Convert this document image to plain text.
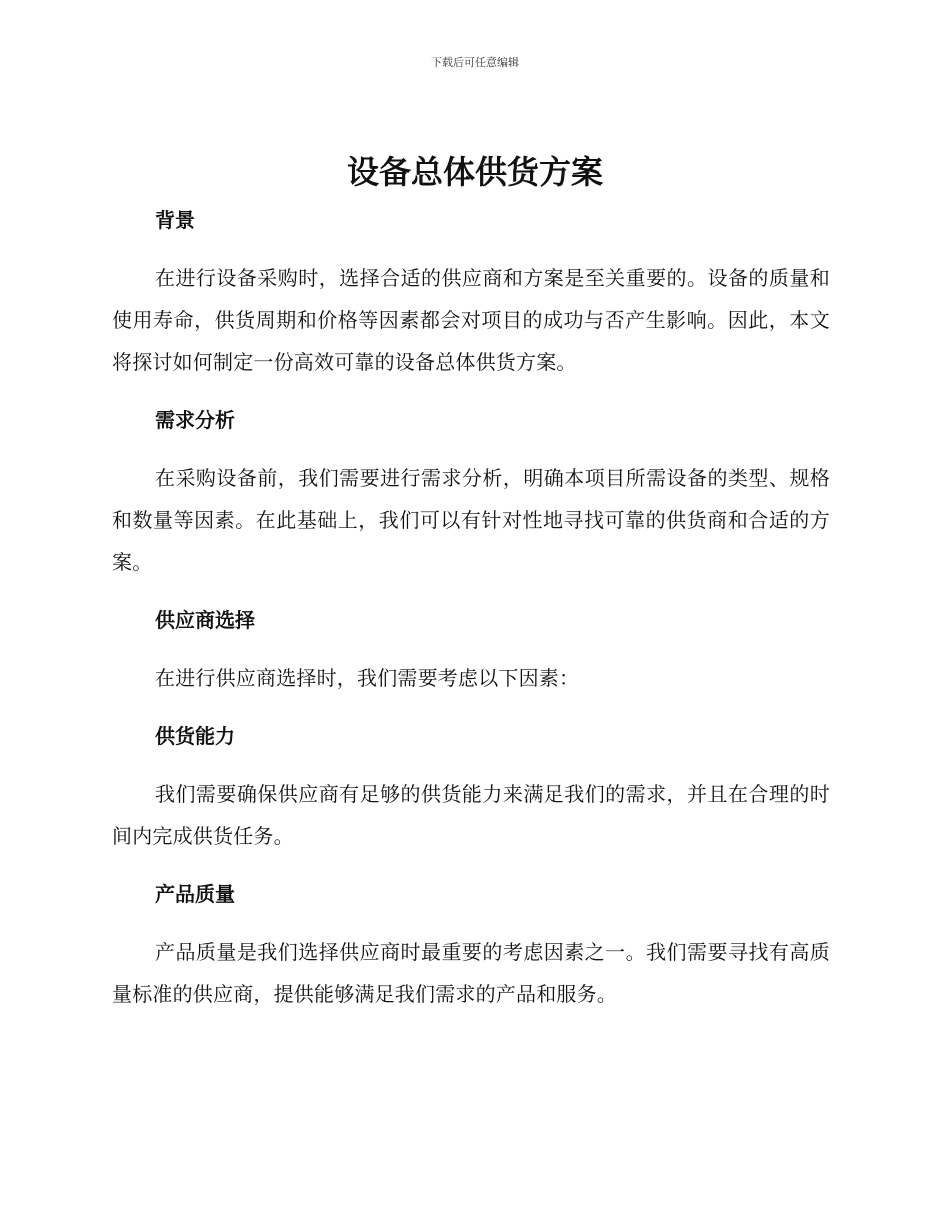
下载后可任意编辑
设备总体供货方案
背景

在进行设备采购时，选择合适的供应商和方案是至关重要的。设备的质量和使用寿命，供货周期和价格等因素都会对项目的成功与否产生影响。因此，本文将探讨如何制定一份高效可靠的设备总体供货方案。

需求分析

在采购设备前，我们需要进行需求分析，明确本项目所需设备的类型、规格和数量等因素。在此基础上，我们可以有针对性地寻找可靠的供货商和合适的方案。

供应商选择

在进行供应商选择时，我们需要考虑以下因素：

供货能力

我们需要确保供应商有足够的供货能力来满足我们的需求，并且在合理的时间内完成供货任务。

产品质量

产品质量是我们选择供应商时最重要的考虑因素之一。我们需要寻找有高质量标准的供应商，提供能够满足我们需求的产品和服务。
